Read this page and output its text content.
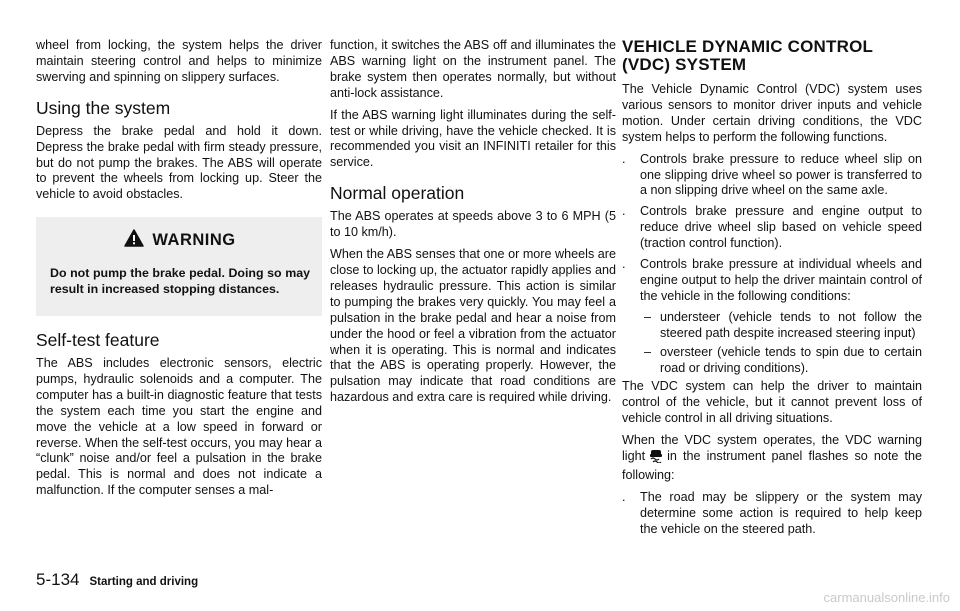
wheel from locking, the system helps the driver maintain steering control and helps to minimize swerving and spinning on slippery surfaces.

Using the system

Depress the brake pedal and hold it down. Depress the brake pedal with firm steady pressure, but do not pump the brakes. The ABS will operate to prevent the wheels from locking up. Steer the vehicle to avoid obstacles.

WARNING

Do not pump the brake pedal. Doing so may result in increased stopping distances.

Self-test feature

The ABS includes electronic sensors, electric pumps, hydraulic solenoids and a computer. The computer has a built-in diagnostic feature that tests the system each time you start the engine and move the vehicle at a low speed in forward or reverse. When the self-test occurs, you may hear a “clunk” noise and/or feel a pulsation in the brake pedal. This is normal and does not indicate a malfunction. If the computer senses a mal-

function, it switches the ABS off and illuminates the ABS warning light on the instrument panel. The brake system then operates normally, but without anti-lock assistance.

If the ABS warning light illuminates during the self-test or while driving, have the vehicle checked. It is recommended you visit an INFINITI retailer for this service.

Normal operation

The ABS operates at speeds above 3 to 6 MPH (5 to 10 km/h).

When the ABS senses that one or more wheels are close to locking up, the actuator rapidly applies and releases hydraulic pressure. This action is similar to pumping the brakes very quickly. You may feel a pulsation in the brake pedal and hear a noise from under the hood or feel a vibration from the actuator when it is operating. This is normal and indicates that the ABS is operating properly. However, the pulsation may indicate that road conditions are hazardous and extra care is required while driving.

VEHICLE DYNAMIC CONTROL
(VDC) SYSTEM

The Vehicle Dynamic Control (VDC) system uses various sensors to monitor driver inputs and vehicle motion. Under certain driving conditions, the VDC system helps to perform the following functions.

.	Controls brake pressure to reduce wheel slip on one slipping drive wheel so power is transferred to a non slipping drive wheel on the same axle.
.	Controls brake pressure and engine output to reduce drive wheel slip based on vehicle speed (traction control function).
.	Controls brake pressure at individual wheels and engine output to help the driver maintain control of the vehicle in the following conditions:
– understeer (vehicle tends to not follow the steered path despite increased steering input)
– oversteer (vehicle tends to spin due to certain road or driving conditions).

The VDC system can help the driver to maintain control of the vehicle, but it cannot prevent loss of vehicle control in all driving situations.

When the VDC system operates, the VDC warning light in the instrument panel flashes so note the following:

.	The road may be slippery or the system may determine some action is required to help keep the vehicle on the steered path.
5-134 Starting and driving
carmanualsonline.info
